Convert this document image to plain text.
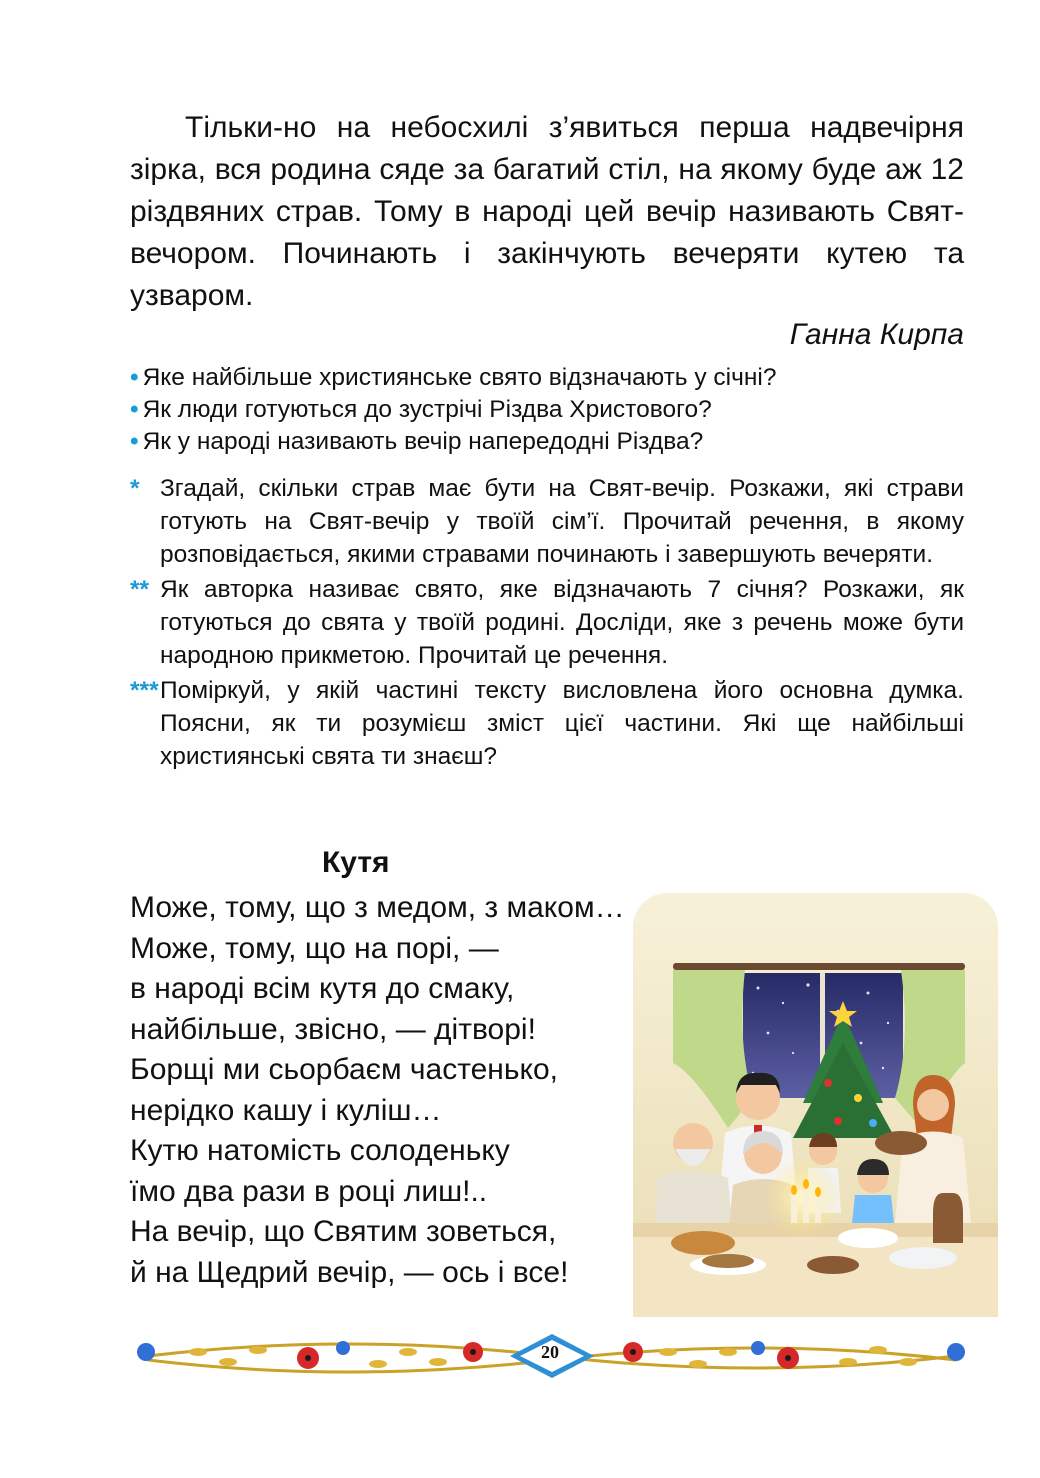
Тільки-но на небосхилі з’явиться перша надвечірня зірка, вся родина сяде за багатий стіл, на якому буде аж 12 різдвяних страв. Тому в народі цей вечір називають Свят-вечором. Починають і закінчують вечеряти кутею та узваром.
Ганна Кирпа
• Яке найбільше християнське свято відзначають у січні?
• Як люди готуються до зустрічі Різдва Христового?
• Як у народі називають вечір напередодні Різдва?
* Згадай, скільки страв має бути на Свят-вечір. Розкажи, які страви готують на Свят-вечір у твоїй сім’ї. Прочитай речення, в якому розповідається, якими стравами починають і завершують вечеряти.
** Як авторка називає свято, яке відзначають 7 січня? Розкажи, як готуються до свята у твоїй родині. Досліди, яке з речень може бути народною прикметою. Прочитай це речення.
*** Поміркуй, у якій частині тексту висловлена його основна думка. Поясни, як ти розумієш зміст цієї частини. Які ще найбільші християнські свята ти знаєш?
Кутя
Може, тому, що з медом, з маком…
Може, тому, що на порі, —
в народі всім кутя до смаку,
найбільше, звісно, — дітворі!
Борщі ми сьорбаєм частенько,
нерідко кашу і куліш…
Кутю натомість солоденьку
їмо два рази в році лиш!..
На вечір, що Святим зоветься,
й на Щедрий вечір, — ось і все!
20
